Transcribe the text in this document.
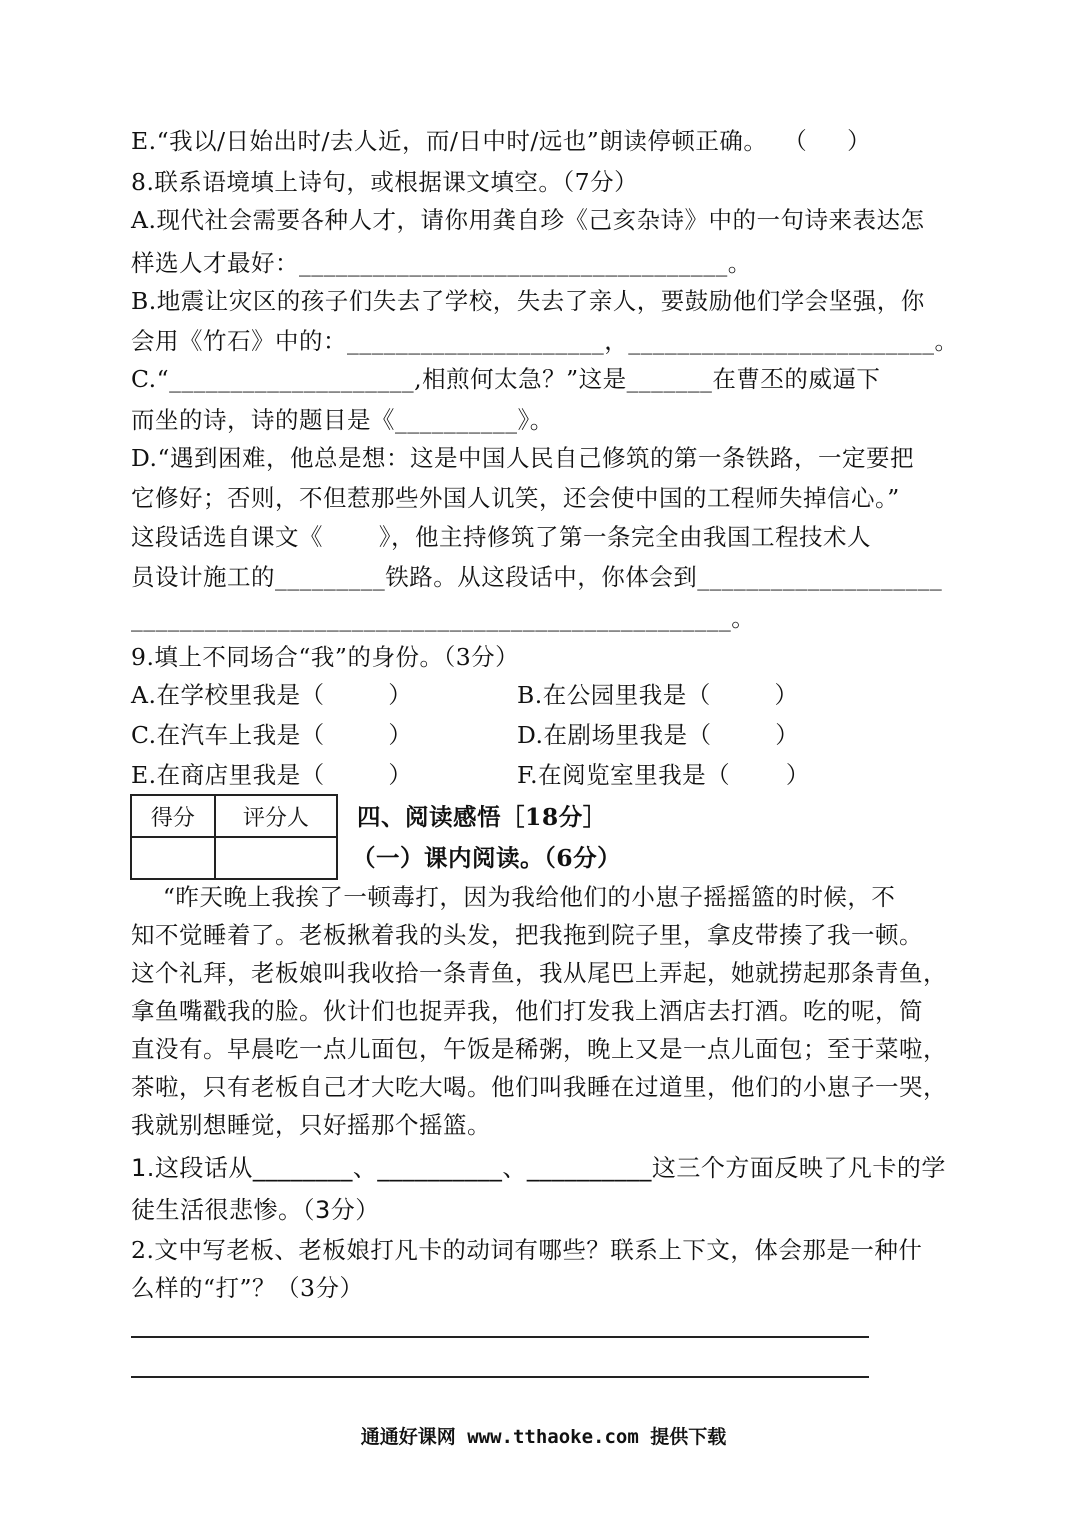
E.“我以/日始出时/去人近，而/日中时/远也”朗读停顿正确。  （     ）
8.联系语境填上诗句，或根据课文填空。（7分）
A.现代社会需要各种人才，请你用龚自珍《己亥杂诗》中的一句诗来表达怎
样选人才最好：___________________________________。
B.地震让灾区的孩子们失去了学校，失去了亲人，要鼓励他们学会坚强，你
会用《竹石》中的：_____________________，_________________________。
C.“____________________,相煎何太急？”这是_______在曹丕的威逼下
而坐的诗，诗的题目是《__________》。
D.“遇到困难，他总是想：这是中国人民自己修筑的第一条铁路，一定要把
它修好；否则，不但惹那些外国人讥笑，还会使中国的工程师失掉信心。”
这段话选自课文《       》，他主持修筑了第一条完全由我国工程技术人
员设计施工的_________铁路。从这段话中，你体会到____________________
_________________________________________________。
9.填上不同场合“我”的身份。（3分）
A.在学校里我是（        ）	B.在公园里我是（        ）
C.在汽车上我是（        ）	D.在剧场里我是（        ）
E.在商店里我是（        ）	F.在阅览室里我是（       ）
得分	评分人
	四、阅读感悟［18分］
（一）课内阅读。（6分）
“昨天晚上我挨了一顿毒打，因为我给他们的小崽子摇摇篮的时候，不
知不觉睡着了。老板揪着我的头发，把我拖到院子里，拿皮带揍了我一顿。
这个礼拜，老板娘叫我收拾一条青鱼，我从尾巴上弄起，她就捞起那条青鱼，
拿鱼嘴戳我的脸。伙计们也捉弄我，他们打发我上酒店去打酒。吃的呢，简
直没有。早晨吃一点儿面包，午饭是稀粥，晚上又是一点儿面包；至于菜啦，
茶啦，只有老板自己才大吃大喝。他们叫我睡在过道里，他们的小崽子一哭，
我就别想睡觉，只好摇那个摇篮。
1.这段话从________、__________、__________这三个方面反映了凡卡的学
徒生活很悲惨。（3分）
2.文中写老板、老板娘打凡卡的动词有哪些？联系上下文，体会那是一种什
么样的“打”？（3分）
通通好课网 www.tthaoke.com 提供下载
